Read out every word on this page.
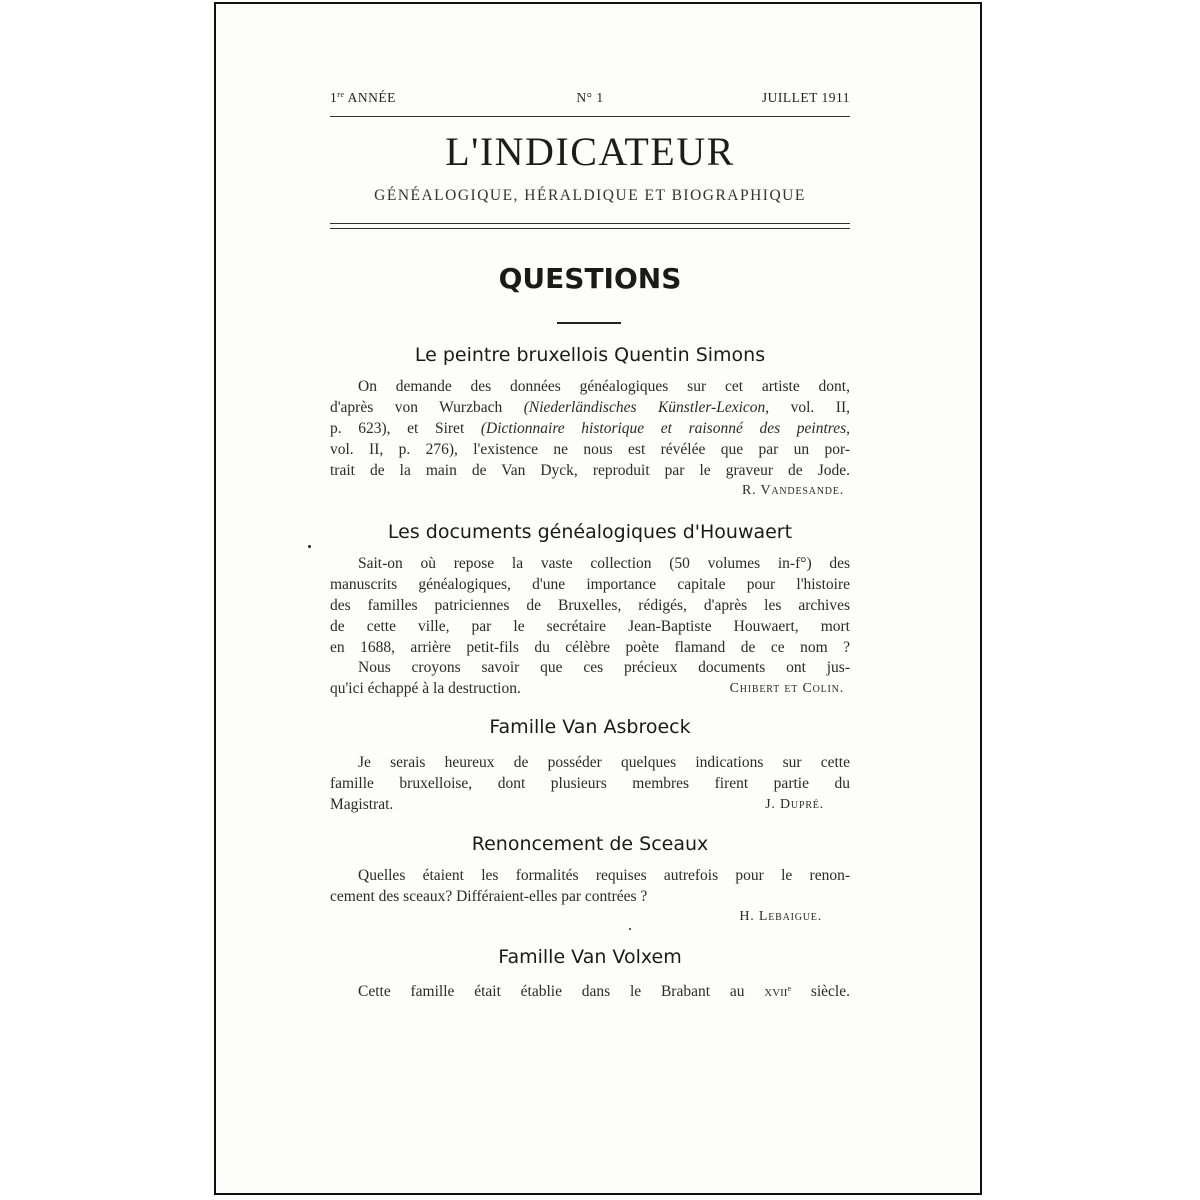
1re ANNÉE	N° 1	JUILLET 1911
L'INDICATEUR
GÉNÉALOGIQUE, HÉRALDIQUE ET BIOGRAPHIQUE
QUESTIONS
Le peintre bruxellois Quentin Simons
On demande des données généalogiques sur cet artiste dont,
d'après von Wurzbach (Niederländisches Künstler-Lexicon, vol. II,
p. 623), et Siret (Dictionnaire historique et raisonné des peintres,
vol. II, p. 276), l'existence ne nous est révélée que par un por-
trait de la main de Van Dyck, reproduit par le graveur de Jode.
R. Vandesande.
Les documents généalogiques d'Houwaert
Sait-on où repose la vaste collection (50 volumes in-f°) des
manuscrits généalogiques, d'une importance capitale pour l'histoire
des familles patriciennes de Bruxelles, rédigés, d'après les archives
de cette ville, par le secrétaire Jean-Baptiste Houwaert, mort
en 1688, arrière petit-fils du célèbre poète flamand de ce nom ?
Nous croyons savoir que ces précieux documents ont jus-
qu'ici échappé à la destruction.	Chibert et Colin.
Famille Van Asbroeck
Je serais heureux de posséder quelques indications sur cette
famille bruxelloise, dont plusieurs membres firent partie du
Magistrat.	J. Dupré.
Renoncement de Sceaux
Quelles étaient les formalités requises autrefois pour le renon-
cement des sceaux? Différaient-elles par contrées ?
H. Lebaigue.
Famille Van Volxem
Cette famille était établie dans le Brabant au xvii$^e$ siècle.
